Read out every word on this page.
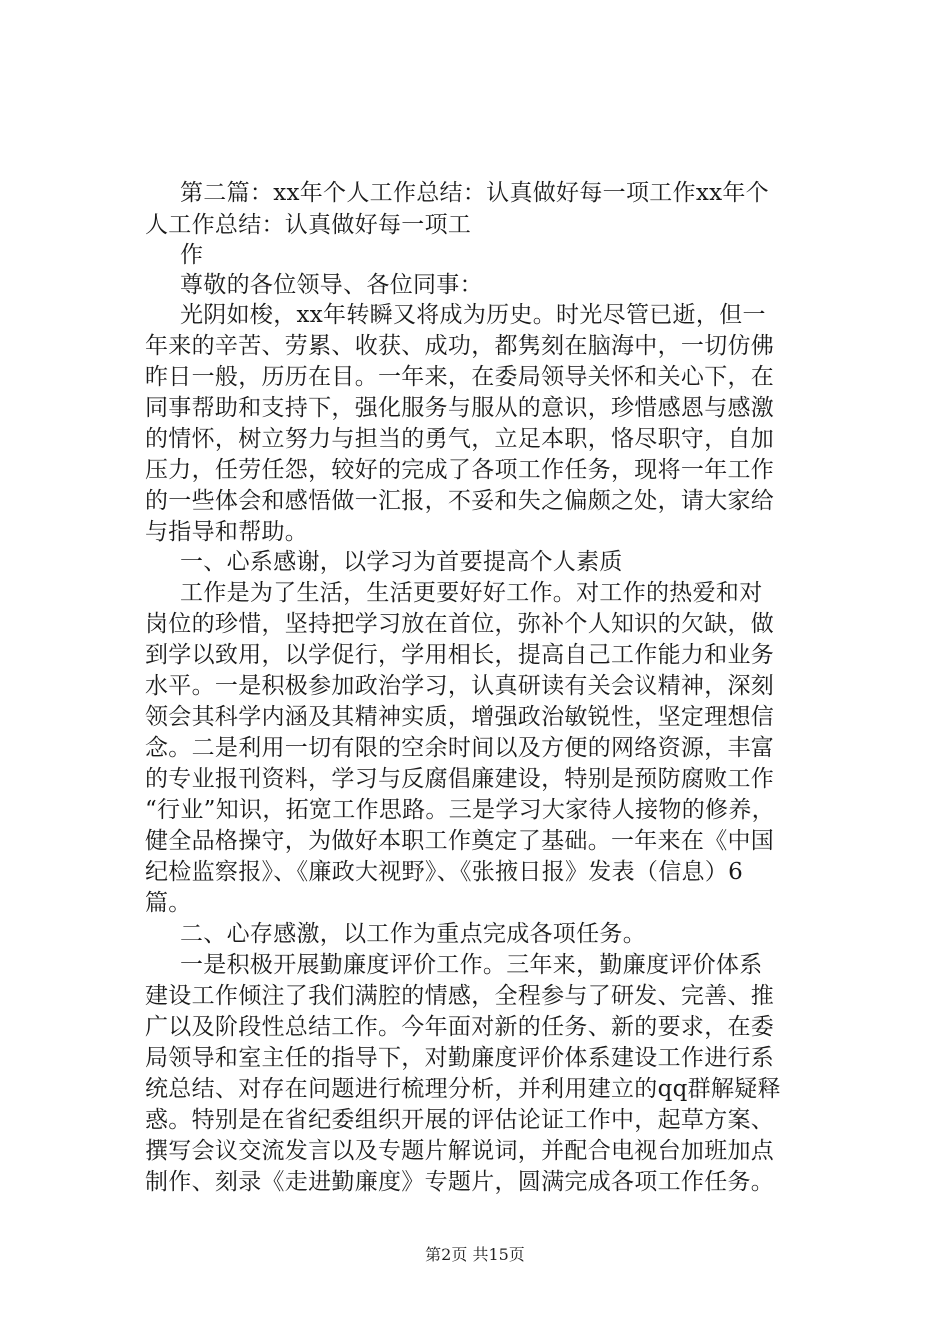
第二篇：xx年个人工作总结：认真做好每一项工作xx年个
人工作总结：认真做好每一项工
作
尊敬的各位领导、各位同事：
光阴如梭，xx年转瞬又将成为历史。时光尽管已逝，但一
年来的辛苦、劳累、收获、成功，都隽刻在脑海中，一切仿佛
昨日一般，历历在目。一年来，在委局领导关怀和关心下，在
同事帮助和支持下，强化服务与服从的意识，珍惜感恩与感激
的情怀，树立努力与担当的勇气，立足本职，恪尽职守，自加
压力，任劳任怨，较好的完成了各项工作任务，现将一年工作
的一些体会和感悟做一汇报，不妥和失之偏颇之处，请大家给
与指导和帮助。
一、心系感谢，以学习为首要提高个人素质
工作是为了生活，生活更要好好工作。对工作的热爱和对
岗位的珍惜，坚持把学习放在首位，弥补个人知识的欠缺，做
到学以致用，以学促行，学用相长，提高自己工作能力和业务
水平。一是积极参加政治学习，认真研读有关会议精神，深刻
领会其科学内涵及其精神实质，增强政治敏锐性，坚定理想信
念。二是利用一切有限的空余时间以及方便的网络资源，丰富
的专业报刊资料，学习与反腐倡廉建设，特别是预防腐败工作
“行业”知识，拓宽工作思路。三是学习大家待人接物的修养，
健全品格操守，为做好本职工作奠定了基础。一年来在《中国
纪检监察报》、《廉政大视野》、《张掖日报》发表（信息）6
篇。
二、心存感激，以工作为重点完成各项任务。
一是积极开展勤廉度评价工作。三年来，勤廉度评价体系
建设工作倾注了我们满腔的情感，全程参与了研发、完善、推
广以及阶段性总结工作。今年面对新的任务、新的要求，在委
局领导和室主任的指导下，对勤廉度评价体系建设工作进行系
统总结、对存在问题进行梳理分析，并利用建立的qq群解疑释
惑。特别是在省纪委组织开展的评估论证工作中，起草方案、
撰写会议交流发言以及专题片解说词，并配合电视台加班加点
制作、刻录《走进勤廉度》专题片，圆满完成各项工作任务。
第2页 共15页
